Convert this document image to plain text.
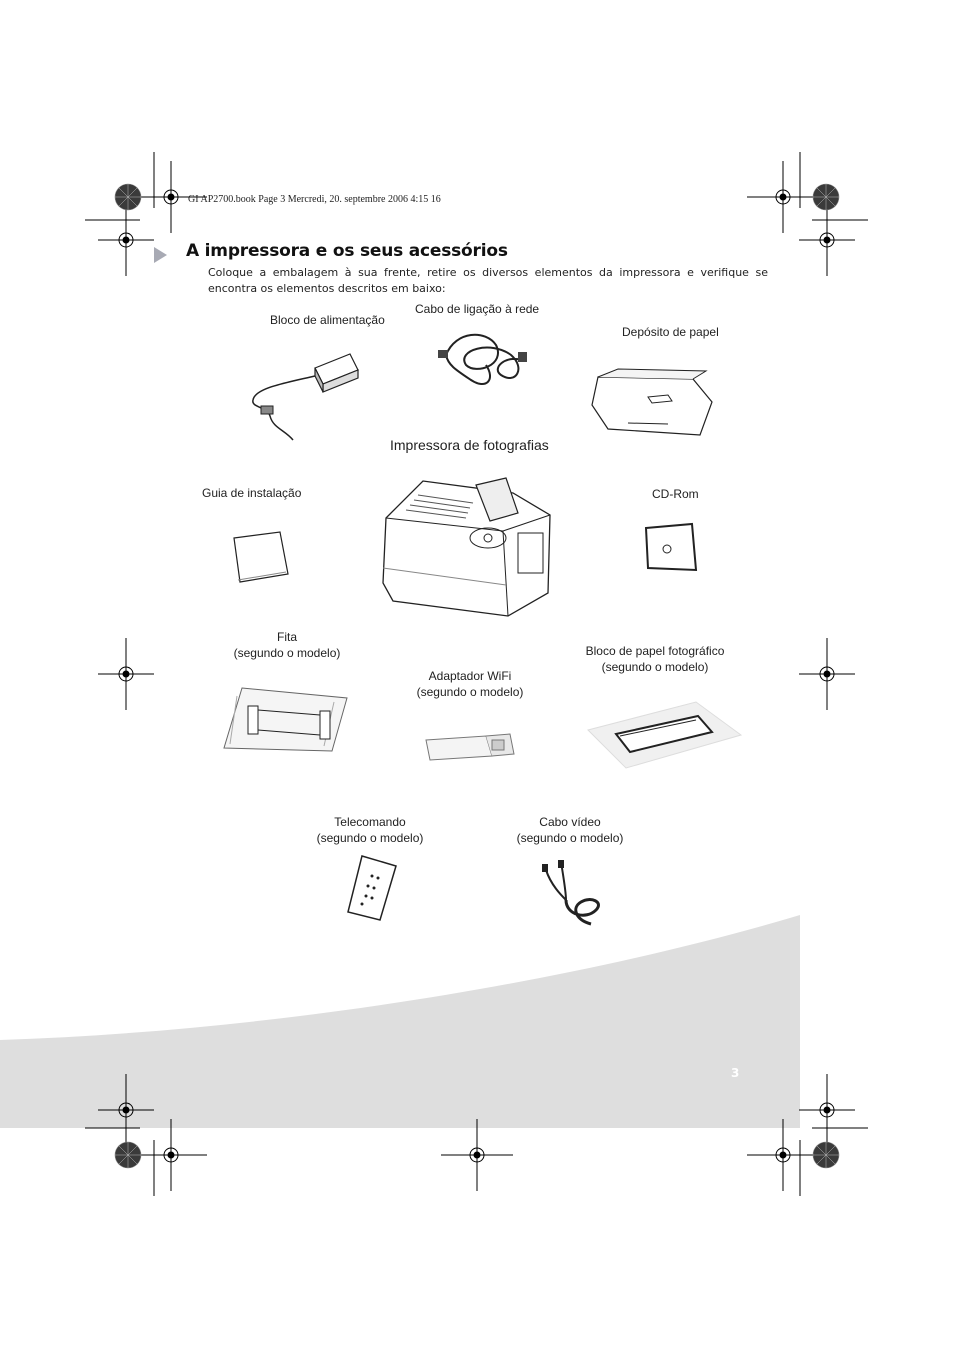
GI AP2700.book Page 3 Mercredi, 20. septembre 2006 4:15 16
A impressora e os seus acessórios
Coloque a embalagem à sua frente, retire os diversos elementos da impressora e verifique se encontra os elementos descritos em baixo:
Bloco de alimentação
Cabo de ligação à rede
Depósito de papel
Impressora de fotografias
Guia de instalação	CD-Rom
Fita
(segundo o modelo)
Adaptador WiFi
(segundo o modelo)
Bloco de papel fotográfico
(segundo o modelo)
Telecomando
(segundo o modelo)
Cabo vídeo
(segundo o modelo)
3
